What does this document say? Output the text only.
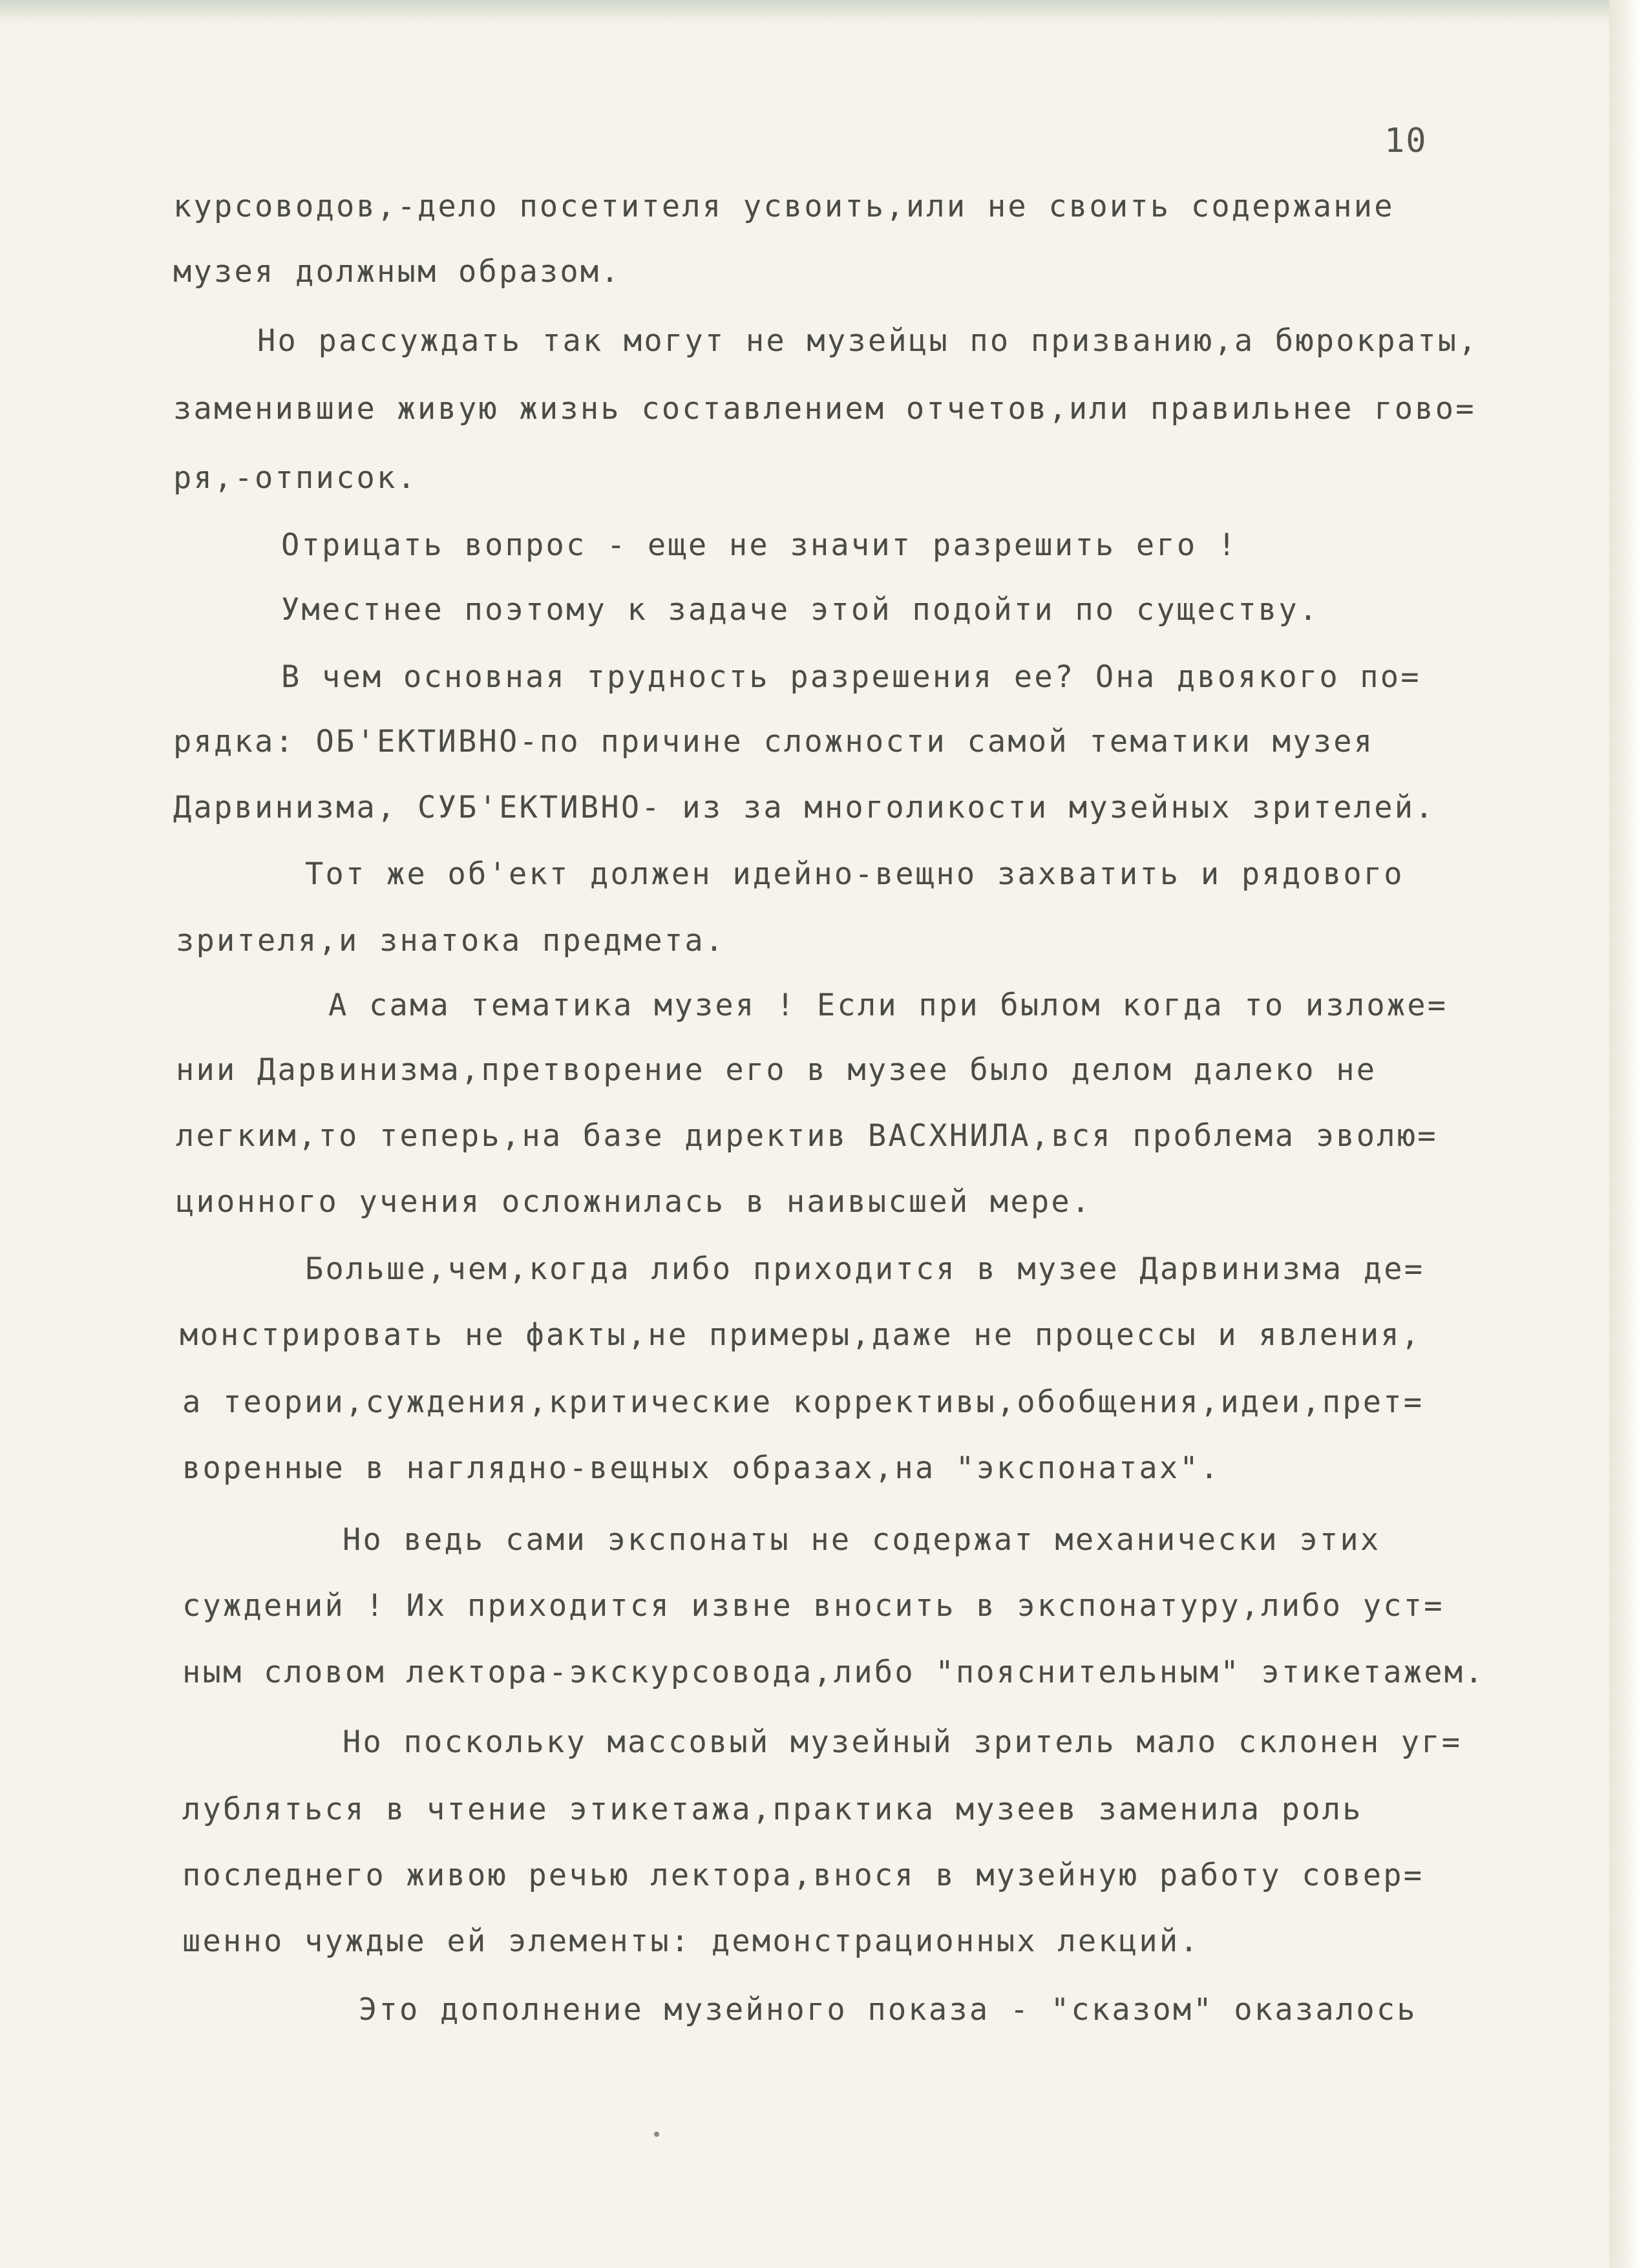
10
курсоводов,-дело посетителя усвоить,или не своить содержание
музея должным образом.
Но рассуждать так могут не музейцы по призванию,а бюрократы,
заменившие живую жизнь составлением отчетов,или правильнее гово=
ря,-отписок.
Отрицать вопрос - еще не значит разрешить его !
Уместнее поэтому к задаче этой подойти по существу.
В чем основная трудность разрешения ее? Она двоякого по=
рядка: ОБ'ЕКТИВНО-по причине сложности самой тематики музея
Дарвинизма, СУБ'ЕКТИВНО- из за многоликости музейных зрителей.
Тот же об'ект должен идейно-вещно захватить и рядового
зрителя,и знатока предмета.
А сама тематика музея ! Если при былом когда то изложе=
нии Дарвинизма,претворение его в музее было делом далеко не
легким,то теперь,на базе директив ВАСХНИЛА,вся проблема эволю=
ционного учения осложнилась в наивысшей мере.
Больше,чем,когда либо приходится в музее Дарвинизма де=
монстрировать не факты,не примеры,даже не процессы и явления,
а теории,суждения,критические коррективы,обобщения,идеи,прет=
воренные в наглядно-вещных образах,на "экспонатах".
Но ведь сами экспонаты не содержат механически этих
суждений ! Их приходится извне вносить в экспонатуру,либо уст=
ным словом лектора-экскурсовода,либо "пояснительным" этикетажем.
Но поскольку массовый музейный зритель мало склонен уг=
лубляться в чтение этикетажа,практика музеев заменила роль
последнего живою речью лектора,внося в музейную работу совер=
шенно чуждые ей элементы: демонстрационных лекций.
Это дополнение музейного показа - "сказом" оказалось
